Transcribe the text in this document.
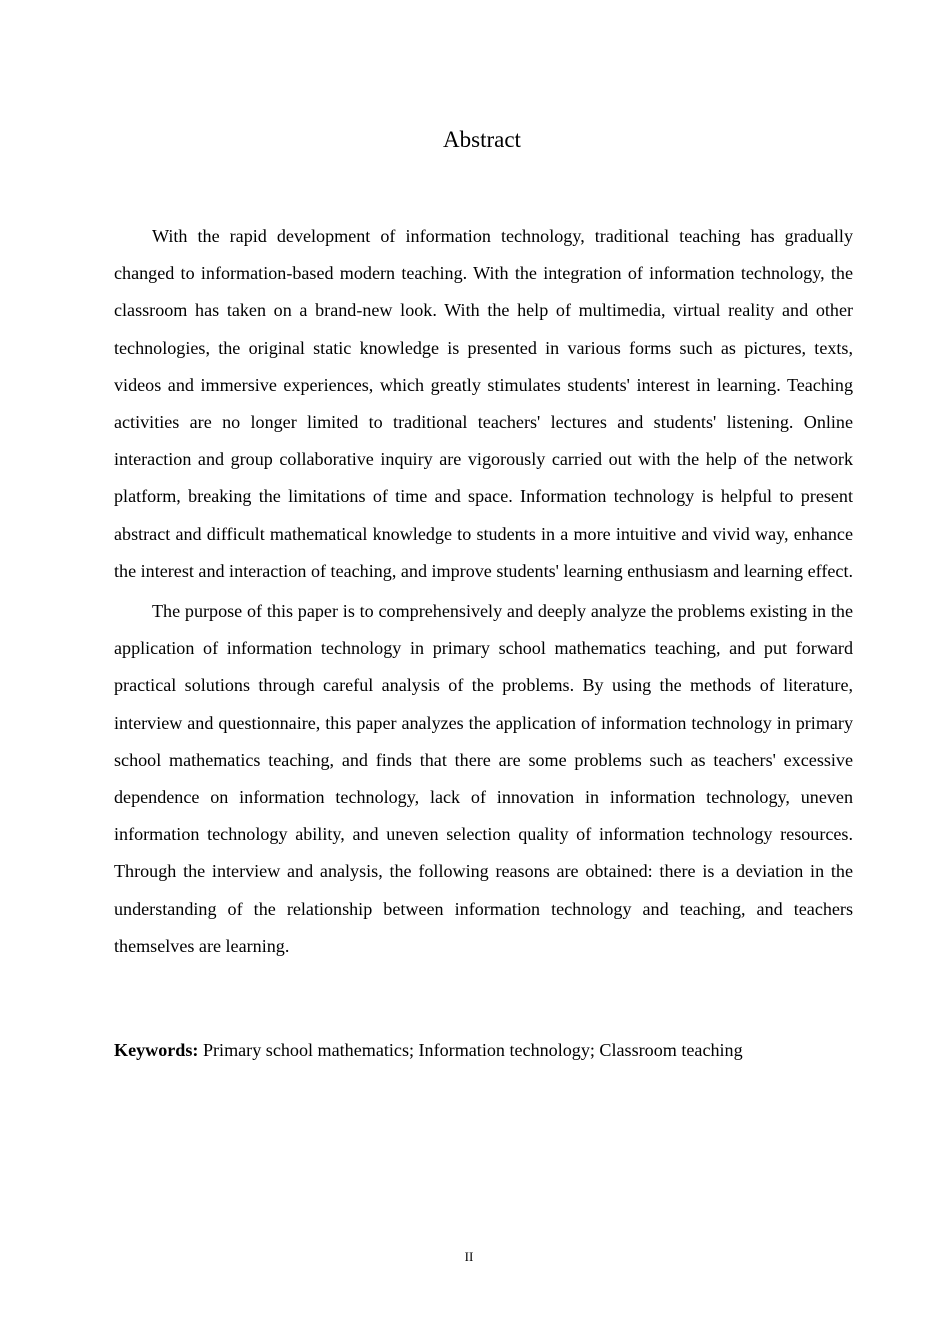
Abstract

With the rapid development of information technology, traditional teaching has gradually changed to information-based modern teaching. With the integration of information technology, the classroom has taken on a brand-new look. With the help of multimedia, virtual reality and other technologies, the original static knowledge is presented in various forms such as pictures, texts, videos and immersive experiences, which greatly stimulates students' interest in learning. Teaching activities are no longer limited to traditional teachers' lectures and students' listening. Online interaction and group collaborative inquiry are vigorously carried out with the help of the network platform, breaking the limitations of time and space. Information technology is helpful to present abstract and difficult mathematical knowledge to students in a more intuitive and vivid way, enhance the interest and interaction of teaching, and improve students' learning enthusiasm and learning effect.

The purpose of this paper is to comprehensively and deeply analyze the problems existing in the application of information technology in primary school mathematics teaching, and put forward practical solutions through careful analysis of the problems. By using the methods of literature, interview and questionnaire, this paper analyzes the application of information technology in primary school mathematics teaching, and finds that there are some problems such as teachers' excessive dependence on information technology, lack of innovation in information technology, uneven information technology ability, and uneven selection quality of information technology resources. Through the interview and analysis, the following reasons are obtained: there is a deviation in the understanding of the relationship between information technology and teaching, and teachers themselves are learning.

Keywords: Primary school mathematics; Information technology; Classroom teaching

II
